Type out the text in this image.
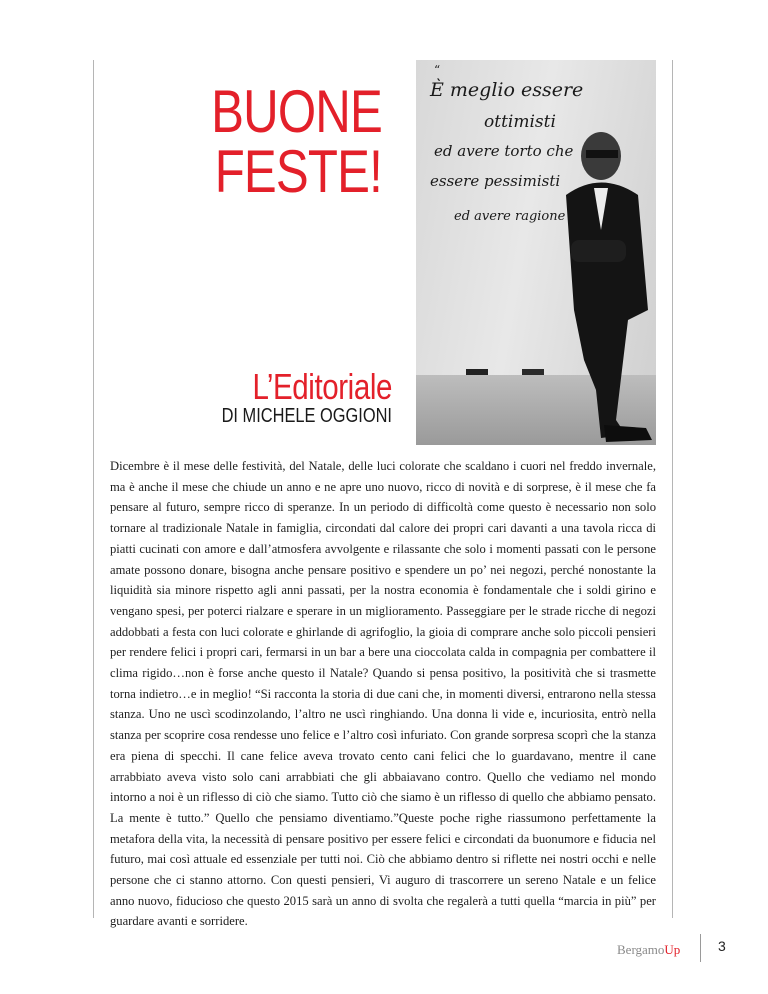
BUONE
FESTE!
L’Editoriale
DI MICHELE OGGIONI
È meglio essere
ottimisti
ed avere torto che
essere pessimisti
ed avere ragione
“

Dicembre è il mese delle festività, del Natale, delle luci colorate che scaldano i cuori nel freddo invernale, ma è anche il mese che chiude un anno e ne apre uno nuovo, ricco di novità e di sorprese, è il mese che fa pensare al futuro, sempre ricco di speranze. In un periodo di difficoltà come questo è necessario non solo tornare al tradizionale Natale in famiglia, circondati dal calore dei propri cari davanti a una tavola ricca di piatti cucinati con amore e dall’atmosfera avvolgente e rilassante che solo i momenti passati con le persone amate possono donare, bisogna anche pensare positivo e spendere un po’ nei negozi, perché nonostante la liquidità sia minore rispetto agli anni passati, per la nostra economia è fondamentale che i soldi girino e vengano spesi, per poterci rialzare e sperare in un miglioramento. Passeggiare per le strade ricche di negozi addobbati a festa con luci colorate e ghirlande di agrifoglio, la gioia di comprare anche solo piccoli pensieri per rendere felici i propri cari, fermarsi in un bar a bere una cioccolata calda in compagnia per combattere il clima rigido…non è forse anche questo il Natale? Quando si pensa positivo, la positività che si trasmette torna indietro…e in meglio! “Si racconta la storia di due cani che, in momenti diversi, entrarono nella stessa stanza. Uno ne uscì scodinzolando, l’altro ne uscì ringhiando. Una donna li vide e, incuriosita, entrò nella stanza per scoprire cosa rendesse uno felice e l’altro così infuriato. Con grande sorpresa scoprì che la stanza era piena di specchi. Il cane felice aveva trovato cento cani felici che lo guardavano, mentre il cane arrabbiato aveva visto solo cani arrabbiati che gli abbaiavano contro. Quello che vediamo nel mondo intorno a noi è un riflesso di ciò che siamo. Tutto ciò che siamo è un riflesso di quello che abbiamo pensato. La mente è tutto.” Quello che pensiamo diventiamo.”Queste poche righe riassumono perfettamente la metafora della vita, la necessità di pensare positivo per essere felici e circondati da buonumore e fiducia nel futuro, mai così attuale ed essenziale per tutti noi. Ciò che abbiamo dentro si riflette nei nostri occhi e nelle persone che ci stanno attorno. Con questi pensieri, Vi auguro di trascorrere un sereno Natale e un felice anno nuovo, fiducioso che questo 2015 sarà un anno di svolta che regalerà a tutti quella “marcia in più” per guardare avanti e sorridere.

BergamoUp	3
